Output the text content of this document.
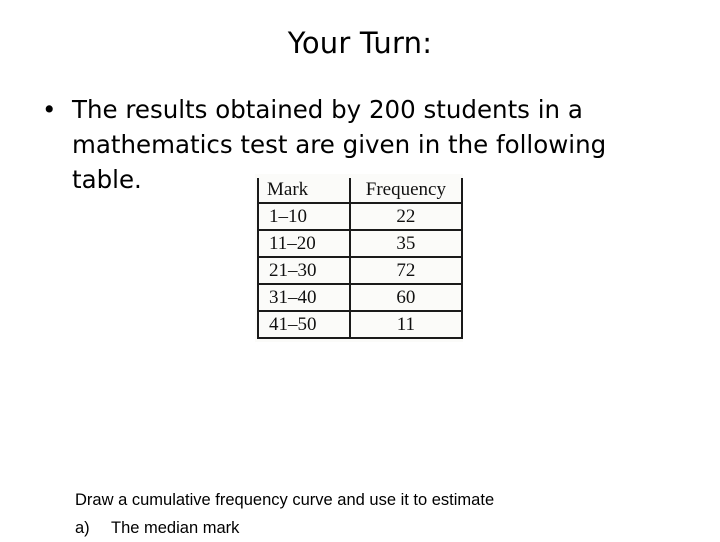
Your Turn:
• The results obtained by 200 students in a
mathematics test are given in the following
table.	Mark	Frequency
1–10	22
11–20	35
21–30	72
31–40	60
41–50	11
Draw a cumulative frequency curve and use it to estimate
a)	The median mark
